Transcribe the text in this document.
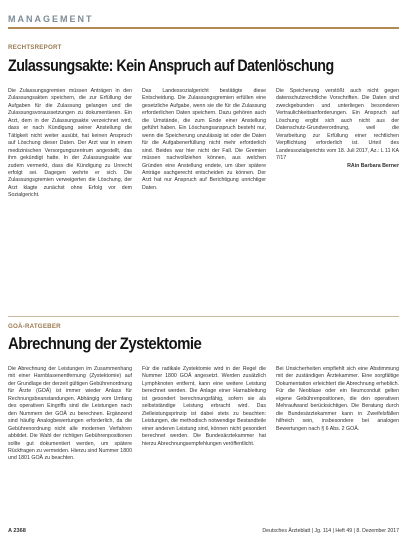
MANAGEMENT
RECHTSREPORT
Zulassungsakte: Kein Anspruch auf Datenlöschung

Die Zulassungsgremien müssen Anträgen in den Zulassungsakten speichern, die zur Erfüllung der Aufgaben für die Zulassung gelangen und die Zulassungsvoraussetzungen zu dokumentieren. Ein Arzt, dem in der Zulassungsakte verzeichnet wird, dass er nach Kündigung seiner Anstellung die Tätigkeit nicht weiter ausübt, hat keinen Anspruch auf Löschung dieser Daten. Der Arzt war in einem medizinischen Versorgungszentrum angestellt, das ihm gekündigt hatte. In der Zulassungsakte war zudem vermerkt, dass die Kündigung zu Unrecht erfolgt sei. Dagegen wehrte er sich. Die Zulassungsgremien verweigerten die Löschung, der Arzt klagte zunächst ohne Erfolg vor dem Sozialgericht.

Das Landessozialgericht bestätigte diese Entscheidung. Die Zulassungsgremien erfüllen eine gesetzliche Aufgabe, wenn sie die für die Zulassung erforderlichen Daten speichern. Dazu gehören auch die Umstände, die zum Ende einer Anstellung geführt haben. Ein Löschungsanspruch besteht nur, wenn die Speicherung unzulässig ist oder die Daten für die Aufgabenerfüllung nicht mehr erforderlich sind. Beides war hier nicht der Fall. Die Gremien müssen nachvollziehen können, aus welchen Gründen eine Anstellung endete, um über spätere Anträge sachgerecht entscheiden zu können. Der Arzt hat nur Anspruch auf Berichtigung unrichtiger Daten.

Die Speicherung verstößt auch nicht gegen datenschutzrechtliche Vorschriften. Die Daten sind zweckgebunden und unterliegen besonderen Vertraulichkeitsanforderungen. Ein Anspruch auf Löschung ergibt sich auch nicht aus der Datenschutz-Grundverordnung, weil die Verarbeitung zur Erfüllung einer rechtlichen Verpflichtung erforderlich ist. Urteil des Landessozialgerichts vom 18. Juli 2017, Az.: L 11 KA 7/17

RAin Barbara Berner
GOÄ-RATGEBER
Abrechnung der Zystektomie

Die Abrechnung der Leistungen im Zusammenhang mit einer Harnblasenentfernung (Zystektomie) auf der Grundlage der derzeit gültigen Gebührenordnung für Ärzte (GOÄ) ist immer wieder Anlass für Rechnungsbeanstandungen. Abhängig vom Umfang des operativen Eingriffs sind die Leistungen nach den Nummern der GOÄ zu berechnen. Ergänzend sind häufig Analogbewertungen erforderlich, da die Gebührenordnung nicht alle modernen Verfahren abbildet. Die Wahl der richtigen Gebührenpositionen sollte gut dokumentiert werden, um spätere Rückfragen zu vermeiden. Hierzu sind Nummer 1800 und 1801 GOÄ zu beachten.

Für die radikale Zystektomie wird in der Regel die Nummer 1800 GOÄ angesetzt. Werden zusätzlich Lymphknoten entfernt, kann eine weitere Leistung berechnet werden. Die Anlage einer Harnableitung ist gesondert berechnungsfähig, sofern sie als selbstständige Leistung erbracht wird. Das Zielleistungsprinzip ist dabei stets zu beachten: Leistungen, die methodisch notwendige Bestandteile einer anderen Leistung sind, können nicht gesondert berechnet werden. Die Bundesärztekammer hat hierzu Abrechnungsempfehlungen veröffentlicht.

Bei Unsicherheiten empfiehlt sich eine Abstimmung mit der zuständigen Ärztekammer. Eine sorgfältige Dokumentation erleichtert die Abrechnung erheblich. Für die Neoblase oder ein Ileumconduit gelten eigene Gebührenpositionen, die den operativen Mehraufwand berücksichtigen. Die Beratung durch die Bundesärztekammer kann in Zweifelsfällen hilfreich sein, insbesondere bei analogen Bewertungen nach § 6 Abs. 2 GOÄ.

A 2368	Deutsches Ärzteblatt | Jg. 114 | Heft 49 | 8. Dezember 2017
